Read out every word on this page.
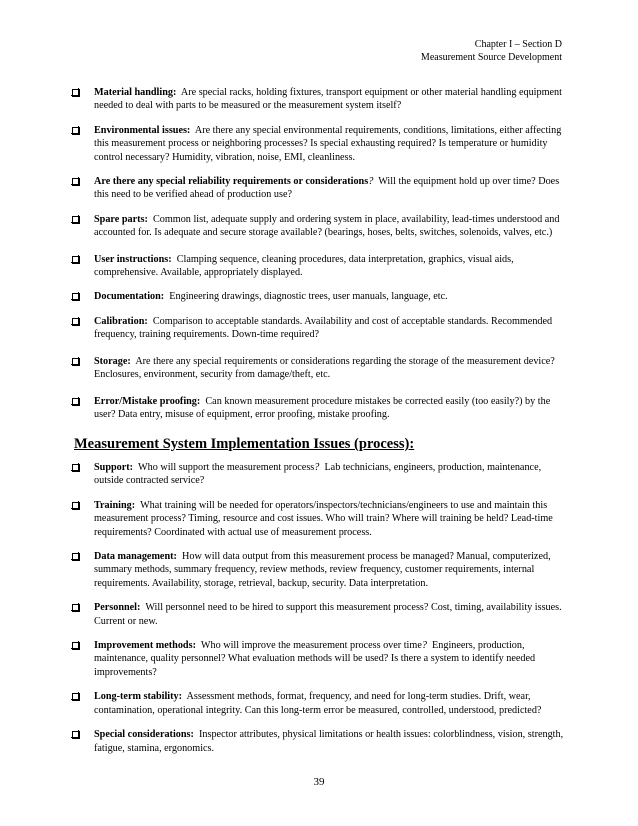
Chapter I – Section D
Measurement Source Development
Material handling: Are special racks, holding fixtures, transport equipment or other material handling equipment needed to deal with parts to be measured or the measurement system itself?
Environmental issues: Are there any special environmental requirements, conditions, limitations, either affecting this measurement process or neighboring processes? Is special exhausting required? Is temperature or humidity control necessary? Humidity, vibration, noise, EMI, cleanliness.
Are there any special reliability requirements or considerations? Will the equipment hold up over time? Does this need to be verified ahead of production use?
Spare parts: Common list, adequate supply and ordering system in place, availability, lead-times understood and accounted for. Is adequate and secure storage available? (bearings, hoses, belts, switches, solenoids, valves, etc.)
User instructions: Clamping sequence, cleaning procedures, data interpretation, graphics, visual aids, comprehensive. Available, appropriately displayed.
Documentation: Engineering drawings, diagnostic trees, user manuals, language, etc.
Calibration: Comparison to acceptable standards. Availability and cost of acceptable standards. Recommended frequency, training requirements. Down-time required?
Storage: Are there any special requirements or considerations regarding the storage of the measurement device? Enclosures, environment, security from damage/theft, etc.
Error/Mistake proofing: Can known measurement procedure mistakes be corrected easily (too easily?) by the user? Data entry, misuse of equipment, error proofing, mistake proofing.
Measurement System Implementation Issues (process):
Support: Who will support the measurement process? Lab technicians, engineers, production, maintenance, outside contracted service?
Training: What training will be needed for operators/inspectors/technicians/engineers to use and maintain this measurement process? Timing, resource and cost issues. Who will train? Where will training be held? Lead-time requirements? Coordinated with actual use of measurement process.
Data management: How will data output from this measurement process be managed? Manual, computerized, summary methods, summary frequency, review methods, review frequency, customer requirements, internal requirements. Availability, storage, retrieval, backup, security. Data interpretation.
Personnel: Will personnel need to be hired to support this measurement process? Cost, timing, availability issues. Current or new.
Improvement methods: Who will improve the measurement process over time? Engineers, production, maintenance, quality personnel? What evaluation methods will be used? Is there a system to identify needed improvements?
Long-term stability: Assessment methods, format, frequency, and need for long-term studies. Drift, wear, contamination, operational integrity. Can this long-term error be measured, controlled, understood, predicted?
Special considerations: Inspector attributes, physical limitations or health issues: colorblindness, vision, strength, fatigue, stamina, ergonomics.
39
